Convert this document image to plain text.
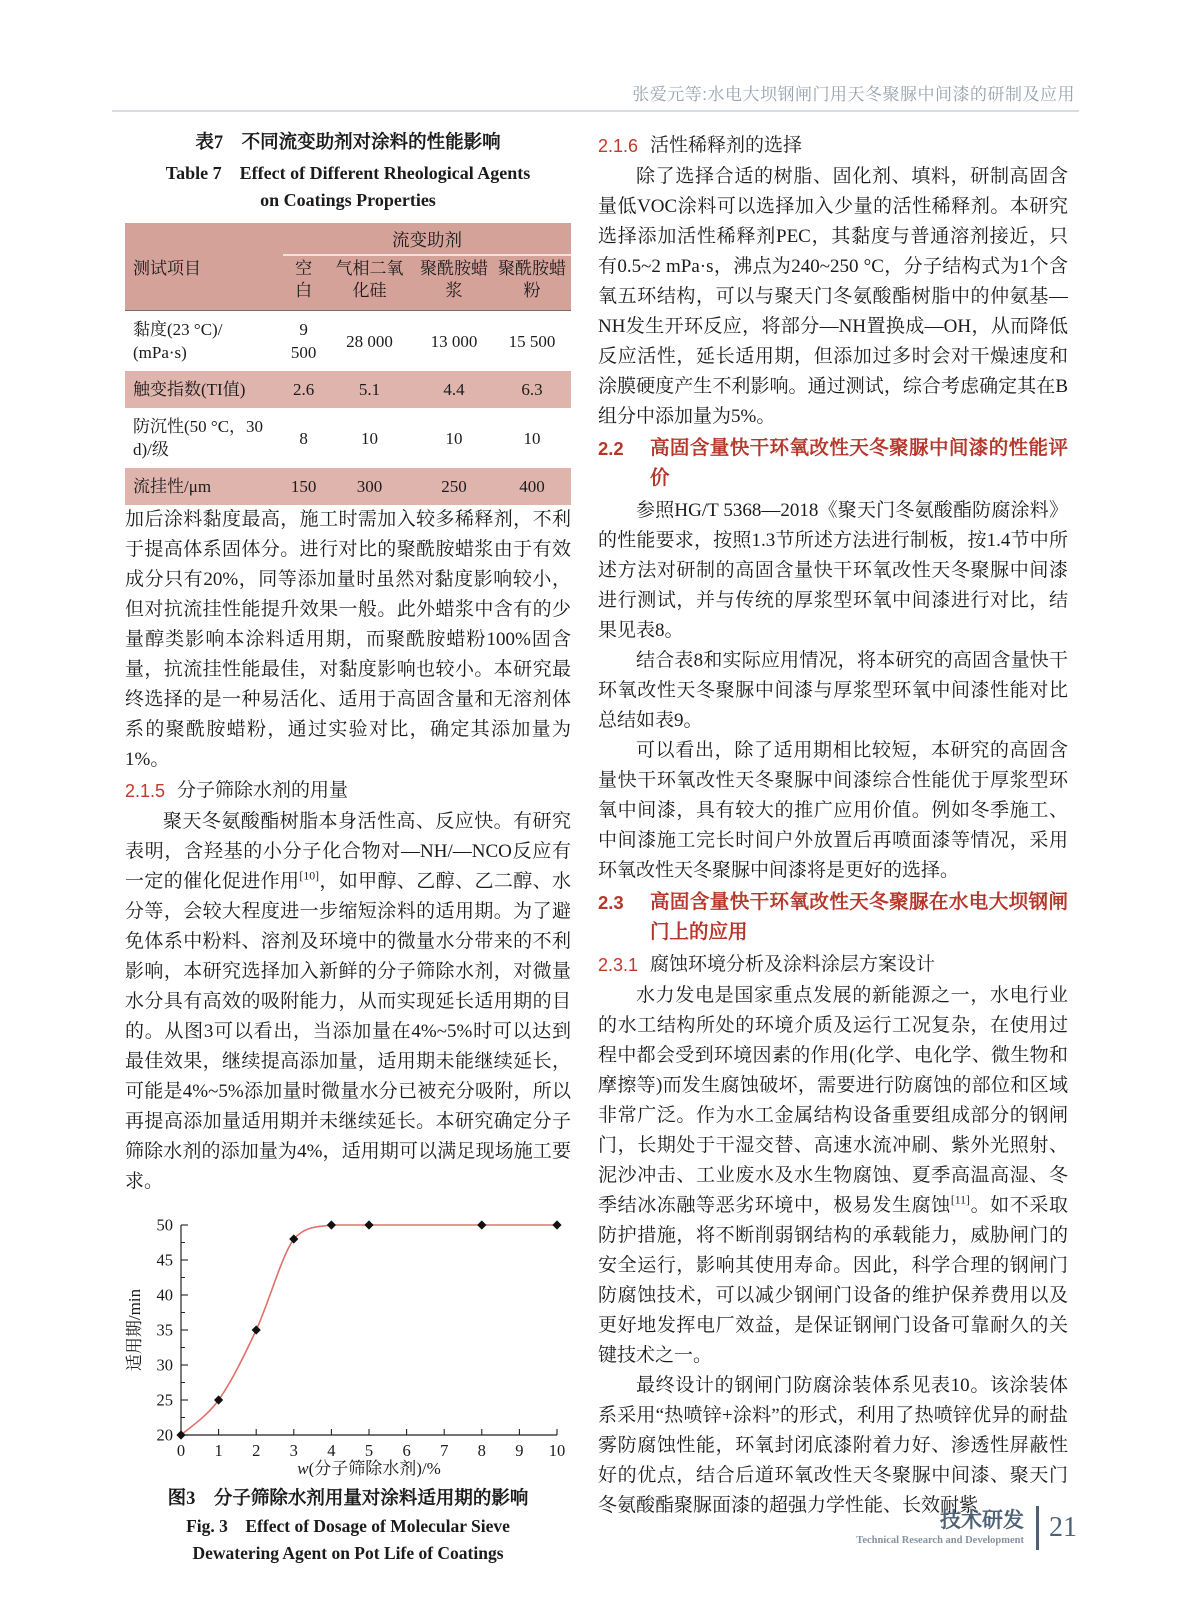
张爱元等:水电大坝钢闸门用天冬聚脲中间漆的研制及应用
表7　不同流变助剂对涂料的性能影响
Table 7　Effect of Different Rheological Agents on Coatings Properties
测试项目	流变助剂			
	空白	气相二氧化硅	聚酰胺蜡浆	聚酰胺蜡粉
黏度(23 °C)/ (mPa·s)	9 500	28 000	13 000	15 500
触变指数(TI值)	2.6	5.1	4.4	6.3
防沉性(50 °C，30 d)/级	8	10	10	10
流挂性/μm	150	300	250	400

加后涂料黏度最高，施工时需加入较多稀释剂，不利于提高体系固体分。进行对比的聚酰胺蜡浆由于有效成分只有20%，同等添加量时虽然对黏度影响较小，但对抗流挂性能提升效果一般。此外蜡浆中含有的少量醇类影响本涂料适用期，而聚酰胺蜡粉100%固含量，抗流挂性能最佳，对黏度影响也较小。本研究最终选择的是一种易活化、适用于高固含量和无溶剂体系的聚酰胺蜡粉，通过实验对比，确定其添加量为1%。

2.1.5 分子筛除水剂的用量

聚天冬氨酸酯树脂本身活性高、反应快。有研究表明，含羟基的小分子化合物对—NH/—NCO反应有一定的催化促进作用[10]，如甲醇、乙醇、乙二醇、水分等，会较大程度进一步缩短涂料的适用期。为了避免体系中粉料、溶剂及环境中的微量水分带来的不利影响，本研究选择加入新鲜的分子筛除水剂，对微量水分具有高效的吸附能力，从而实现延长适用期的目的。从图3可以看出，当添加量在4%~5%时可以达到最佳效果，继续提高添加量，适用期未能继续延长，可能是4%~5%添加量时微量水分已被充分吸附，所以再提高添加量适用期并未继续延长。本研究确定分子筛除水剂的添加量为4%，适用期可以满足现场施工要求。

20
25
30
35
40
45
50
0 1 2 3 4 5 6 7 8 9 10
适用期/min
w(分子筛除水剂)/%
图3　分子筛除水剂用量对涂料适用期的影响
Fig. 3　Effect of Dosage of Molecular Sieve Dewatering Agent on Pot Life of Coatings
2.1.6 活性稀释剂的选择

除了选择合适的树脂、固化剂、填料，研制高固含量低VOC涂料可以选择加入少量的活性稀释剂。本研究选择添加活性稀释剂PEC，其黏度与普通溶剂接近，只有0.5~2 mPa·s，沸点为240~250 °C，分子结构式为1个含氧五环结构，可以与聚天门冬氨酸酯树脂中的仲氨基—NH发生开环反应，将部分—NH置换成—OH，从而降低反应活性，延长适用期，但添加过多时会对干燥速度和涂膜硬度产生不利影响。通过测试，综合考虑确定其在B组分中添加量为5%。

2.2	高固含量快干环氧改性天冬聚脲中间漆的性能评价

参照HG/T 5368—2018《聚天门冬氨酸酯防腐涂料》的性能要求，按照1.3节所述方法进行制板，按1.4节中所述方法对研制的高固含量快干环氧改性天冬聚脲中间漆进行测试，并与传统的厚浆型环氧中间漆进行对比，结果见表8。

结合表8和实际应用情况，将本研究的高固含量快干环氧改性天冬聚脲中间漆与厚浆型环氧中间漆性能对比总结如表9。

可以看出，除了适用期相比较短，本研究的高固含量快干环氧改性天冬聚脲中间漆综合性能优于厚浆型环氧中间漆，具有较大的推广应用价值。例如冬季施工、中间漆施工完长时间户外放置后再喷面漆等情况，采用环氧改性天冬聚脲中间漆将是更好的选择。

2.3	高固含量快干环氧改性天冬聚脲在水电大坝钢闸门上的应用
2.3.1 腐蚀环境分析及涂料涂层方案设计

水力发电是国家重点发展的新能源之一，水电行业的水工结构所处的环境介质及运行工况复杂，在使用过程中都会受到环境因素的作用(化学、电化学、微生物和摩擦等)而发生腐蚀破坏，需要进行防腐蚀的部位和区域非常广泛。作为水工金属结构设备重要组成部分的钢闸门，长期处于干湿交替、高速水流冲刷、紫外光照射、泥沙冲击、工业废水及水生物腐蚀、夏季高温高湿、冬季结冰冻融等恶劣环境中，极易发生腐蚀[11]。如不采取防护措施，将不断削弱钢结构的承载能力，威胁闸门的安全运行，影响其使用寿命。因此，科学合理的钢闸门防腐蚀技术，可以减少钢闸门设备的维护保养费用以及更好地发挥电厂效益，是保证钢闸门设备可靠耐久的关键技术之一。

最终设计的钢闸门防腐涂装体系见表10。该涂装体系采用“热喷锌+涂料”的形式，利用了热喷锌优异的耐盐雾防腐蚀性能，环氧封闭底漆附着力好、渗透性屏蔽性好的优点，结合后道环氧改性天冬聚脲中间漆、聚天门冬氨酸酯聚脲面漆的超强力学性能、长效耐紫

技术研发
Technical Research and Development 21
